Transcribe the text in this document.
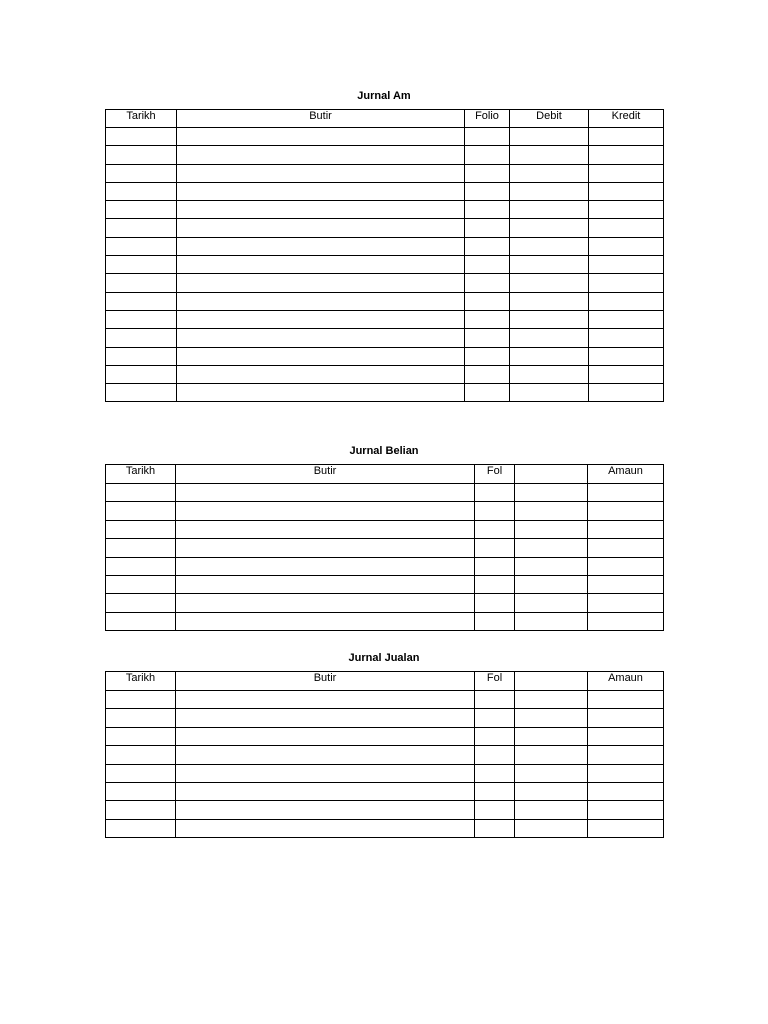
Jurnal Am
Tarikh	Butir	Folio	Debit	Kredit

Jurnal Belian
Tarikh	Butir	Fol		Amaun

Jurnal Jualan
Tarikh	Butir	Fol		Amaun
